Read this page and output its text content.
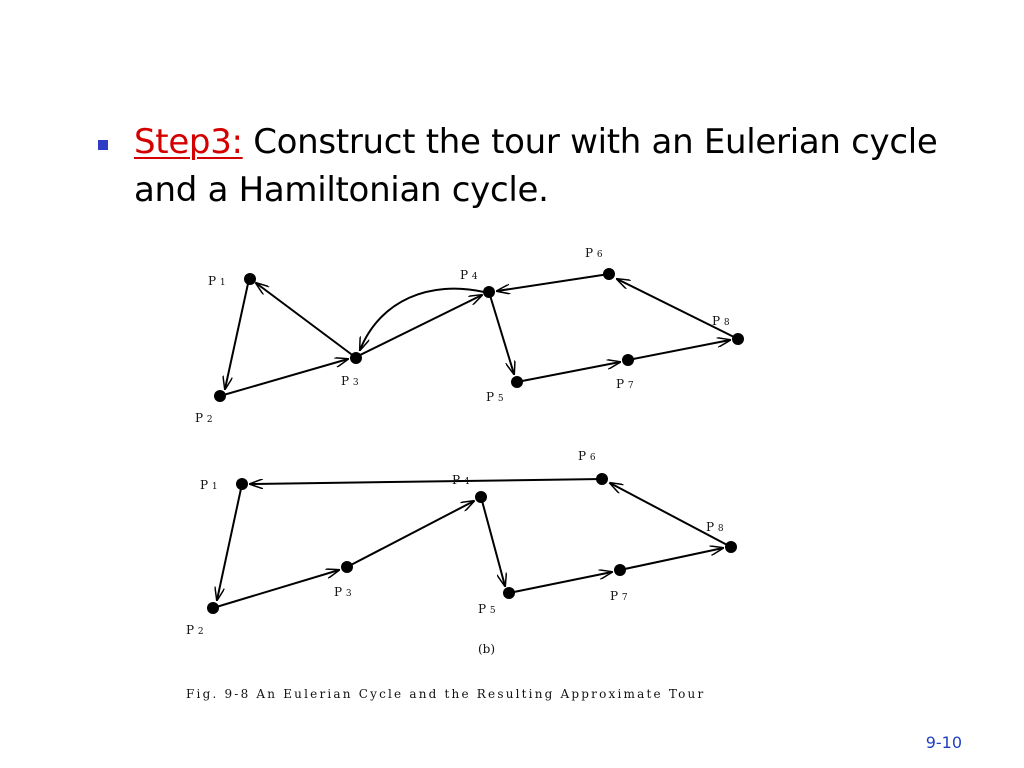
Step3: Construct the tour with an Eulerian cycle and a Hamiltonian cycle.
P 1
P 2
P 3
P 4
P 5
P 6
P 7
P 8
P 1
P 2
P 3
P 4
P 5
P 6
P 7
P 8
(b)
Fig. 9-8 An Eulerian Cycle and the Resulting Approximate Tour
9-10
